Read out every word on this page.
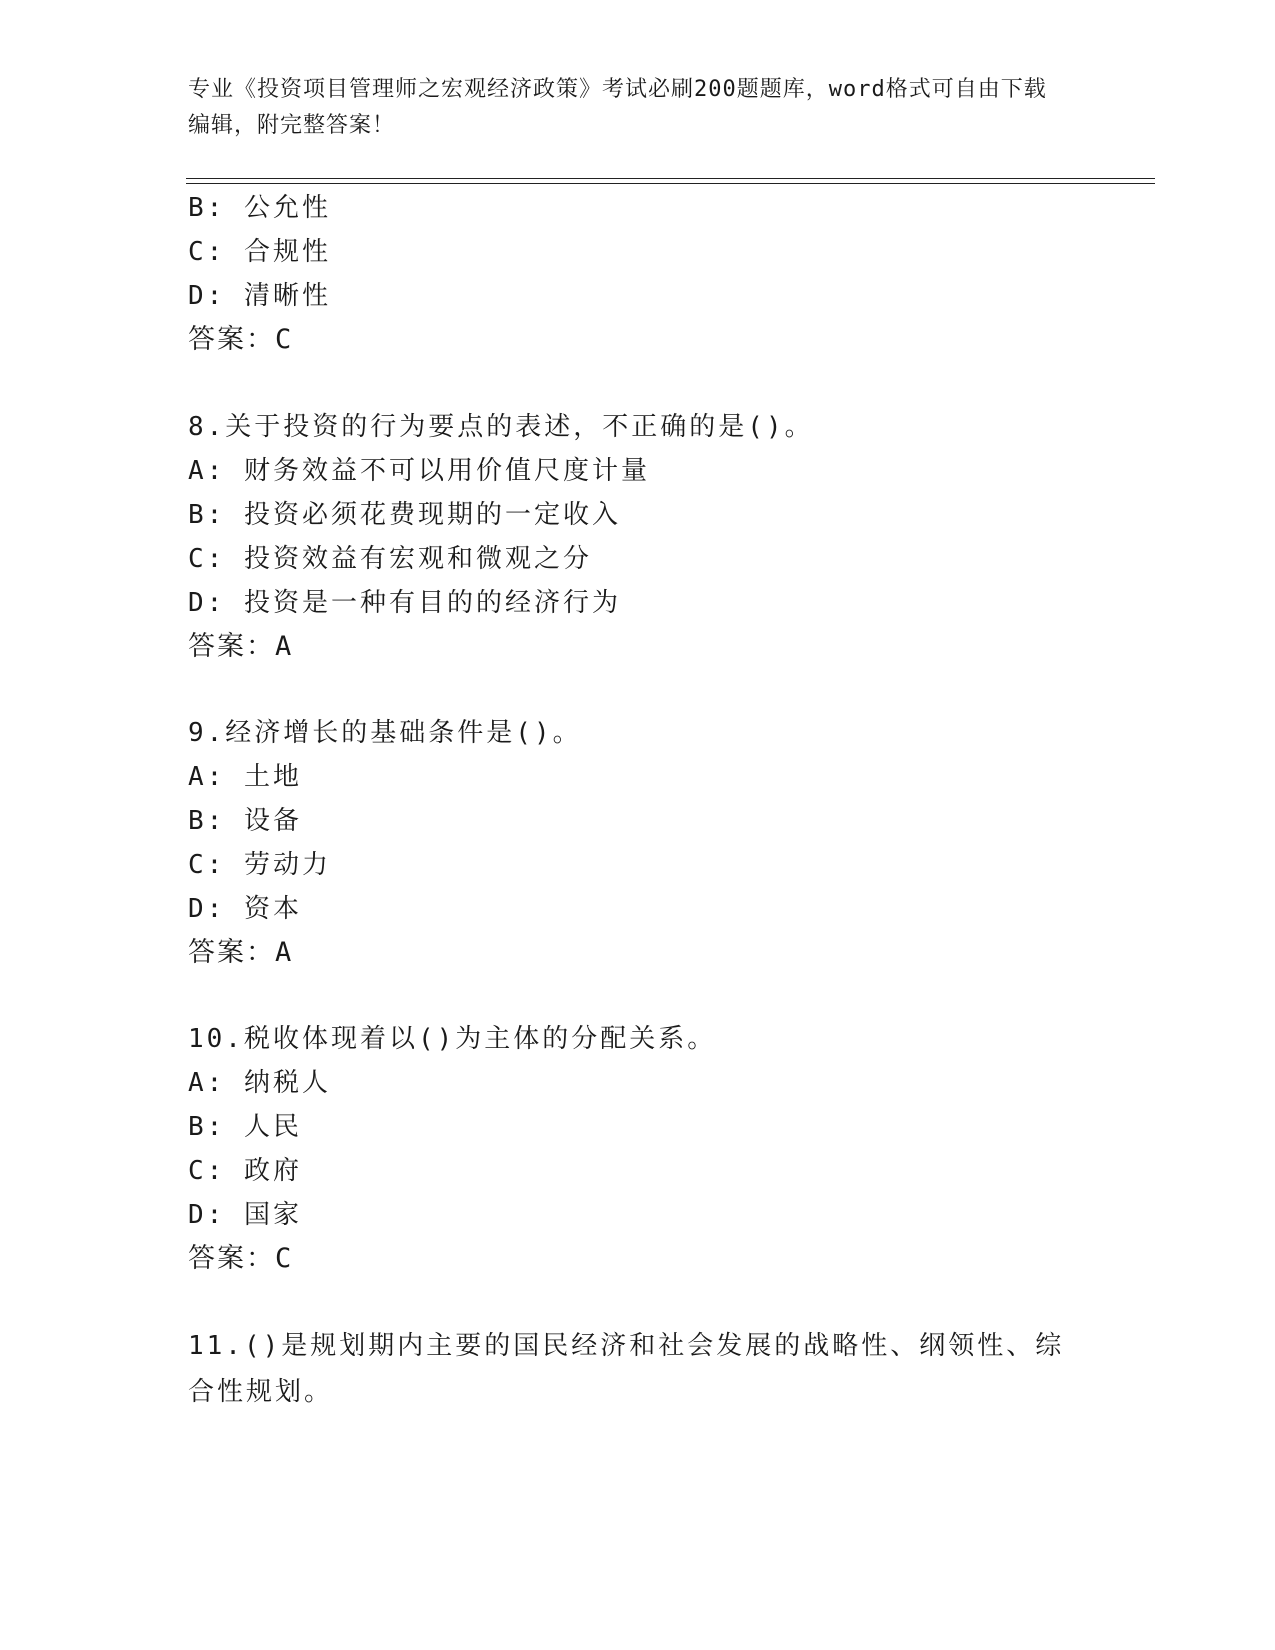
专业《投资项目管理师之宏观经济政策》考试必刷200题题库，word格式可自由下载编辑，附完整答案！
B: 公允性
C: 合规性
D: 清晰性
答案：C
8.关于投资的行为要点的表述，不正确的是()。
A: 财务效益不可以用价值尺度计量
B: 投资必须花费现期的一定收入
C: 投资效益有宏观和微观之分
D: 投资是一种有目的的经济行为
答案：A
9.经济增长的基础条件是()。
A: 土地
B: 设备
C: 劳动力
D: 资本
答案：A
10.税收体现着以()为主体的分配关系。
A: 纳税人
B: 人民
C: 政府
D: 国家
答案：C
11.()是规划期内主要的国民经济和社会发展的战略性、纲领性、综合性规划。
